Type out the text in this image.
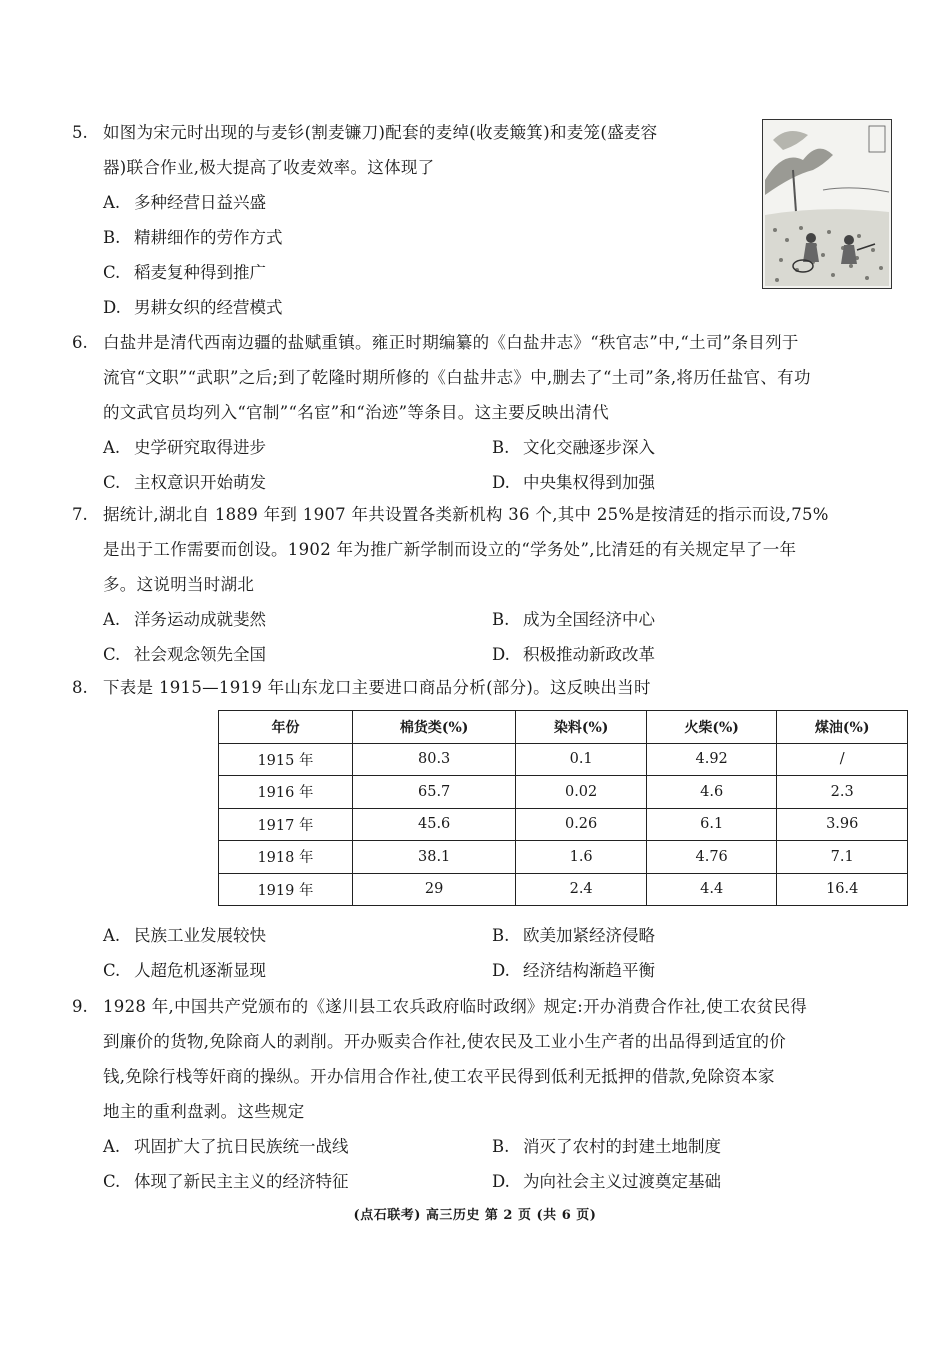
5. 如图为宋元时出现的与麦钐(割麦镰刀)配套的麦绰(收麦簸箕)和麦笼(盛麦容
器)联合作业,极大提高了收麦效率。这体现了
A. 多种经营日益兴盛
B. 精耕细作的劳作方式
C. 稻麦复种得到推广
D. 男耕女织的经营模式
6. 白盐井是清代西南边疆的盐赋重镇。雍正时期编纂的《白盐井志》“秩官志”中,“土司”条目列于
流官“文职”“武职”之后;到了乾隆时期所修的《白盐井志》中,删去了“土司”条,将历任盐官、有功
的文武官员均列入“官制”“名宦”和“治迹”等条目。这主要反映出清代
A. 史学研究取得进步	B. 文化交融逐步深入
C. 主权意识开始萌发	D. 中央集权得到加强
7. 据统计,湖北自 1889 年到 1907 年共设置各类新机构 36 个,其中 25%是按清廷的指示而设,75%
是出于工作需要而创设。1902 年为推广新学制而设立的“学务处”,比清廷的有关规定早了一年
多。这说明当时湖北
A. 洋务运动成就斐然	B. 成为全国经济中心
C. 社会观念领先全国	D. 积极推动新政改革
8. 下表是 1915—1919 年山东龙口主要进口商品分析(部分)。这反映出当时
年份	棉货类(%)	染料(%)	火柴(%)	煤油(%)
1915 年	80.3	0.1	4.92	/
1916 年	65.7	0.02	4.6	2.3
1917 年	45.6	0.26	6.1	3.96
1918 年	38.1	1.6	4.76	7.1
1919 年	29	2.4	4.4	16.4
A. 民族工业发展较快	B. 欧美加紧经济侵略
C. 人超危机逐渐显现	D. 经济结构渐趋平衡
9. 1928 年,中国共产党颁布的《遂川县工农兵政府临时政纲》规定:开办消费合作社,使工农贫民得
到廉价的货物,免除商人的剥削。开办贩卖合作社,使农民及工业小生产者的出品得到适宜的价
钱,免除行栈等奸商的操纵。开办信用合作社,使工农平民得到低利无抵押的借款,免除资本家
地主的重利盘剥。这些规定
A. 巩固扩大了抗日民族统一战线	B. 消灭了农村的封建土地制度
C. 体现了新民主主义的经济特征	D. 为向社会主义过渡奠定基础
(点石联考) 高三历史 第 2 页 (共 6 页)
